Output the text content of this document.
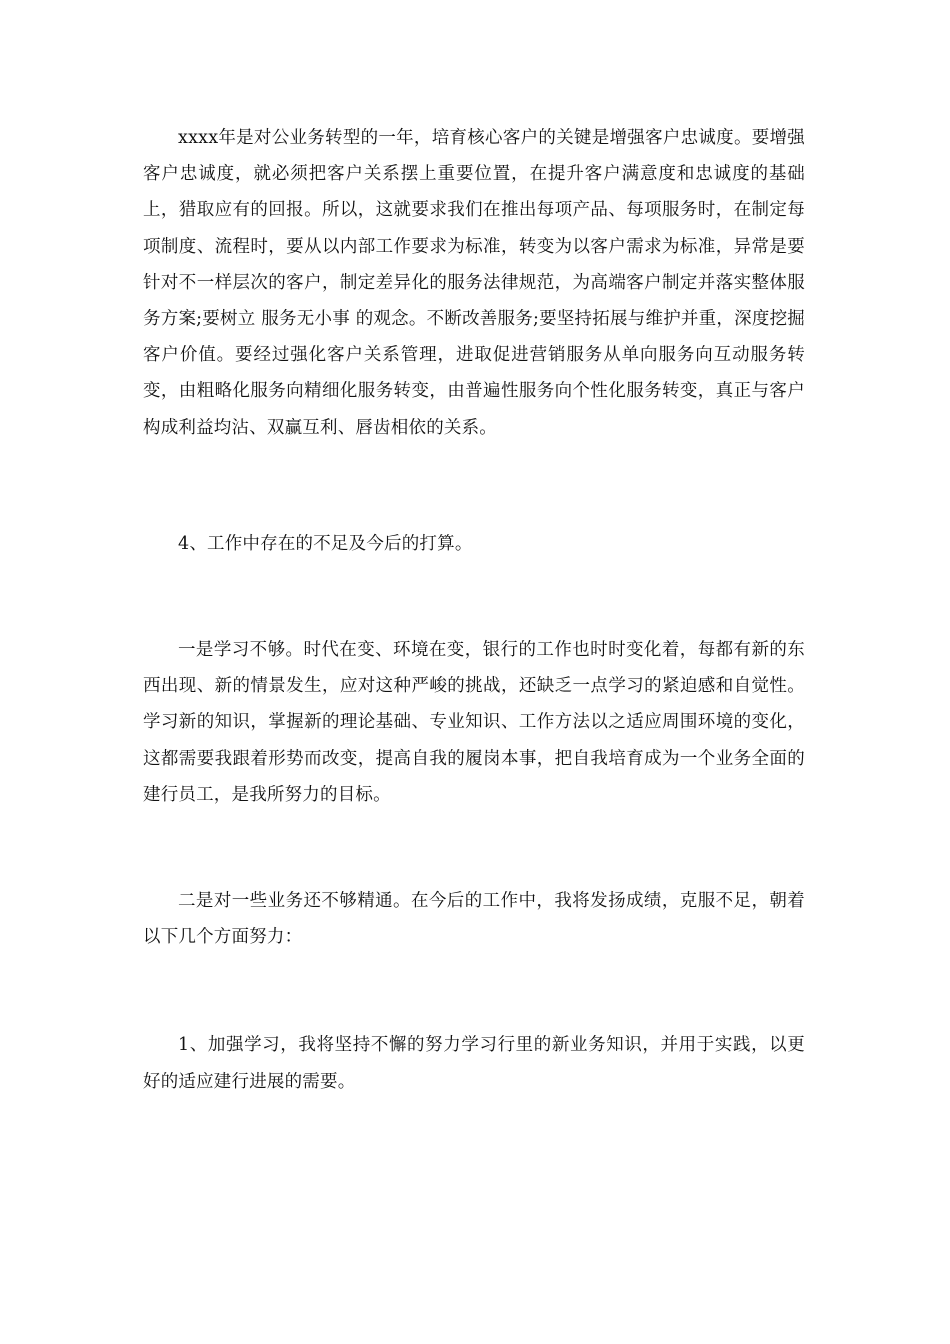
xxxx年是对公业务转型的一年，培育核心客户的关键是增强客户忠诚度。要增强客户忠诚度，就必须把客户关系摆上重要位置，在提升客户满意度和忠诚度的基础上，猎取应有的回报。所以，这就要求我们在推出每项产品、每项服务时，在制定每项制度、流程时，要从以内部工作要求为标准，转变为以客户需求为标准，异常是要针对不一样层次的客户，制定差异化的服务法律规范，为高端客户制定并落实整体服务方案;要树立 服务无小事 的观念。不断改善服务;要坚持拓展与维护并重，深度挖掘客户价值。要经过强化客户关系管理，进取促进营销服务从单向服务向互动服务转变，由粗略化服务向精细化服务转变，由普遍性服务向个性化服务转变，真正与客户构成利益均沾、双赢互利、唇齿相依的关系。

4、工作中存在的不足及今后的打算。

一是学习不够。时代在变、环境在变，银行的工作也时时变化着，每都有新的东西出现、新的情景发生，应对这种严峻的挑战，还缺乏一点学习的紧迫感和自觉性。学习新的知识，掌握新的理论基础、专业知识、工作方法以之适应周围环境的变化，这都需要我跟着形势而改变，提高自我的履岗本事，把自我培育成为一个业务全面的建行员工，是我所努力的目标。

二是对一些业务还不够精通。在今后的工作中，我将发扬成绩，克服不足，朝着以下几个方面努力：

1、加强学习，我将坚持不懈的努力学习行里的新业务知识，并用于实践，以更好的适应建行进展的需要。
